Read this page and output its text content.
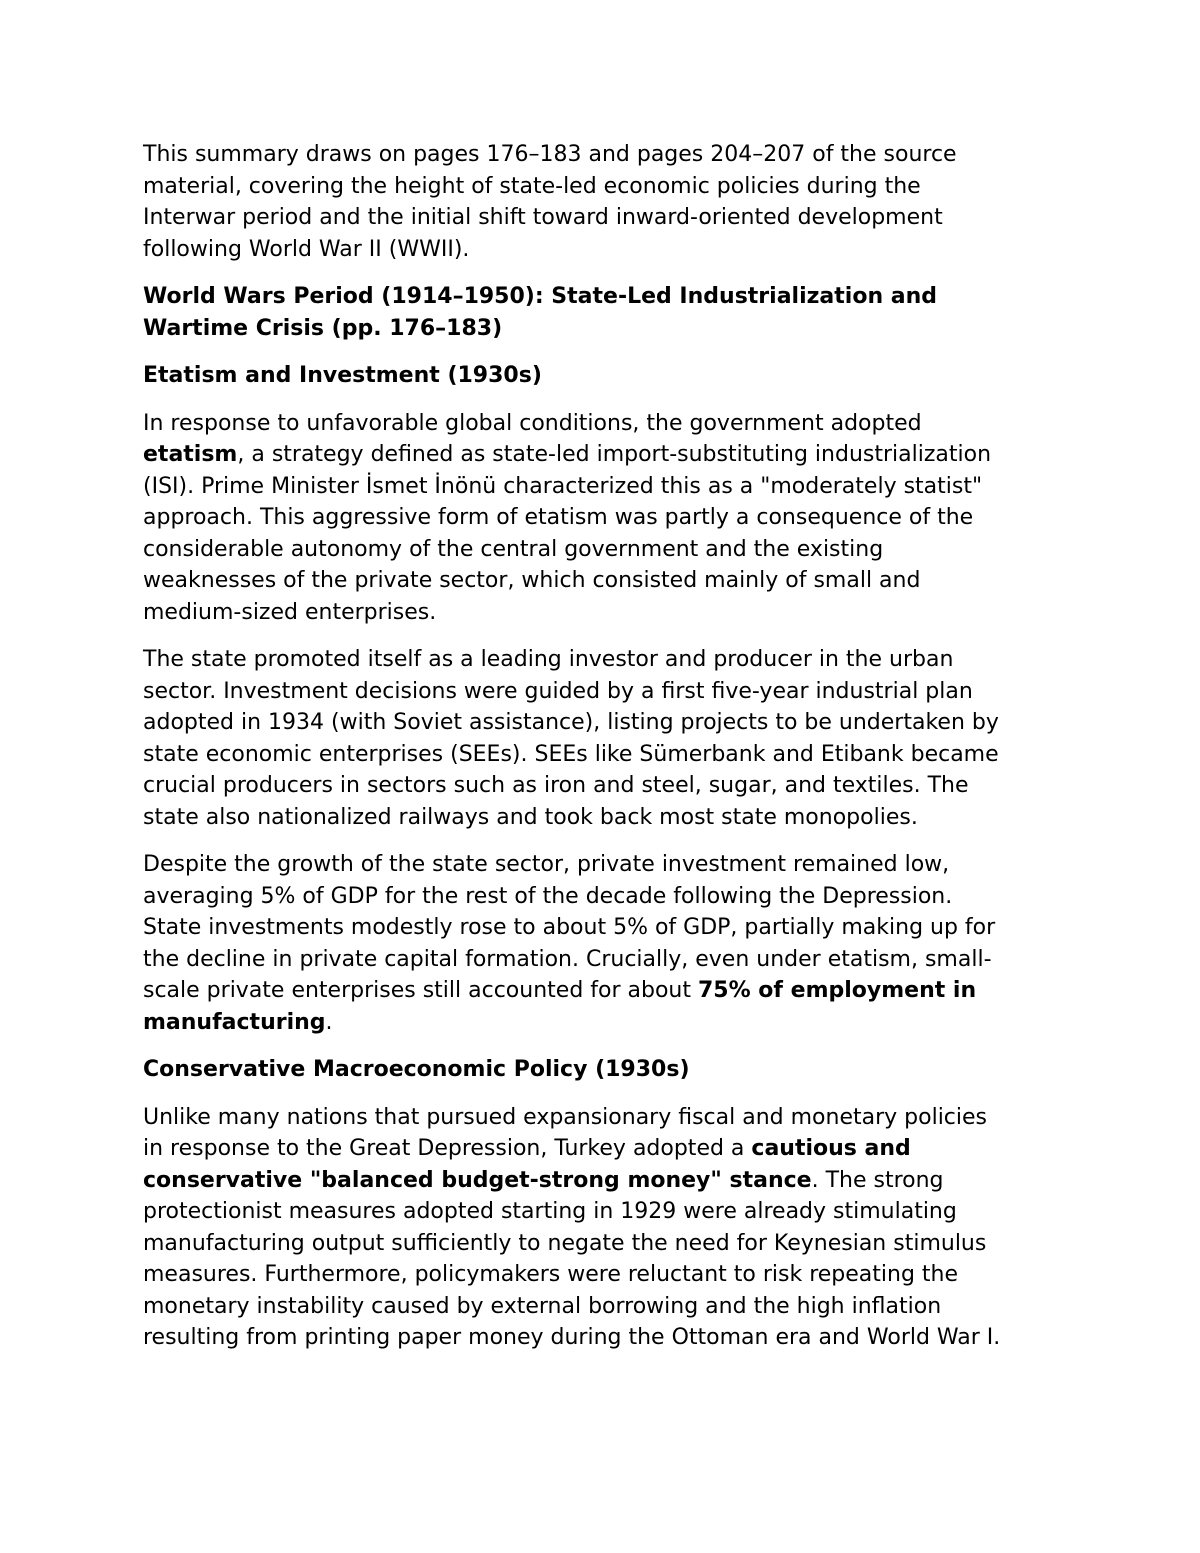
This summary draws on pages 176–183 and pages 204–207 of the source
material, covering the height of state-led economic policies during the
Interwar period and the initial shift toward inward-oriented development
following World War II (WWII).
World Wars Period (1914–1950): State-Led Industrialization and
Wartime Crisis (pp. 176–183)
Etatism and Investment (1930s)
In response to unfavorable global conditions, the government adopted
etatism, a strategy defined as state-led import-substituting industrialization
(ISI). Prime Minister İsmet İnönü characterized this as a "moderately statist"
approach. This aggressive form of etatism was partly a consequence of the
considerable autonomy of the central government and the existing
weaknesses of the private sector, which consisted mainly of small and
medium-sized enterprises.
The state promoted itself as a leading investor and producer in the urban
sector. Investment decisions were guided by a first five-year industrial plan
adopted in 1934 (with Soviet assistance), listing projects to be undertaken by
state economic enterprises (SEEs). SEEs like Sümerbank and Etibank became
crucial producers in sectors such as iron and steel, sugar, and textiles. The
state also nationalized railways and took back most state monopolies.
Despite the growth of the state sector, private investment remained low,
averaging 5% of GDP for the rest of the decade following the Depression.
State investments modestly rose to about 5% of GDP, partially making up for
the decline in private capital formation. Crucially, even under etatism, small-
scale private enterprises still accounted for about 75% of employment in
manufacturing.
Conservative Macroeconomic Policy (1930s)
Unlike many nations that pursued expansionary fiscal and monetary policies
in response to the Great Depression, Turkey adopted a cautious and
conservative "balanced budget-strong money" stance. The strong
protectionist measures adopted starting in 1929 were already stimulating
manufacturing output sufficiently to negate the need for Keynesian stimulus
measures. Furthermore, policymakers were reluctant to risk repeating the
monetary instability caused by external borrowing and the high inflation
resulting from printing paper money during the Ottoman era and World War I.
